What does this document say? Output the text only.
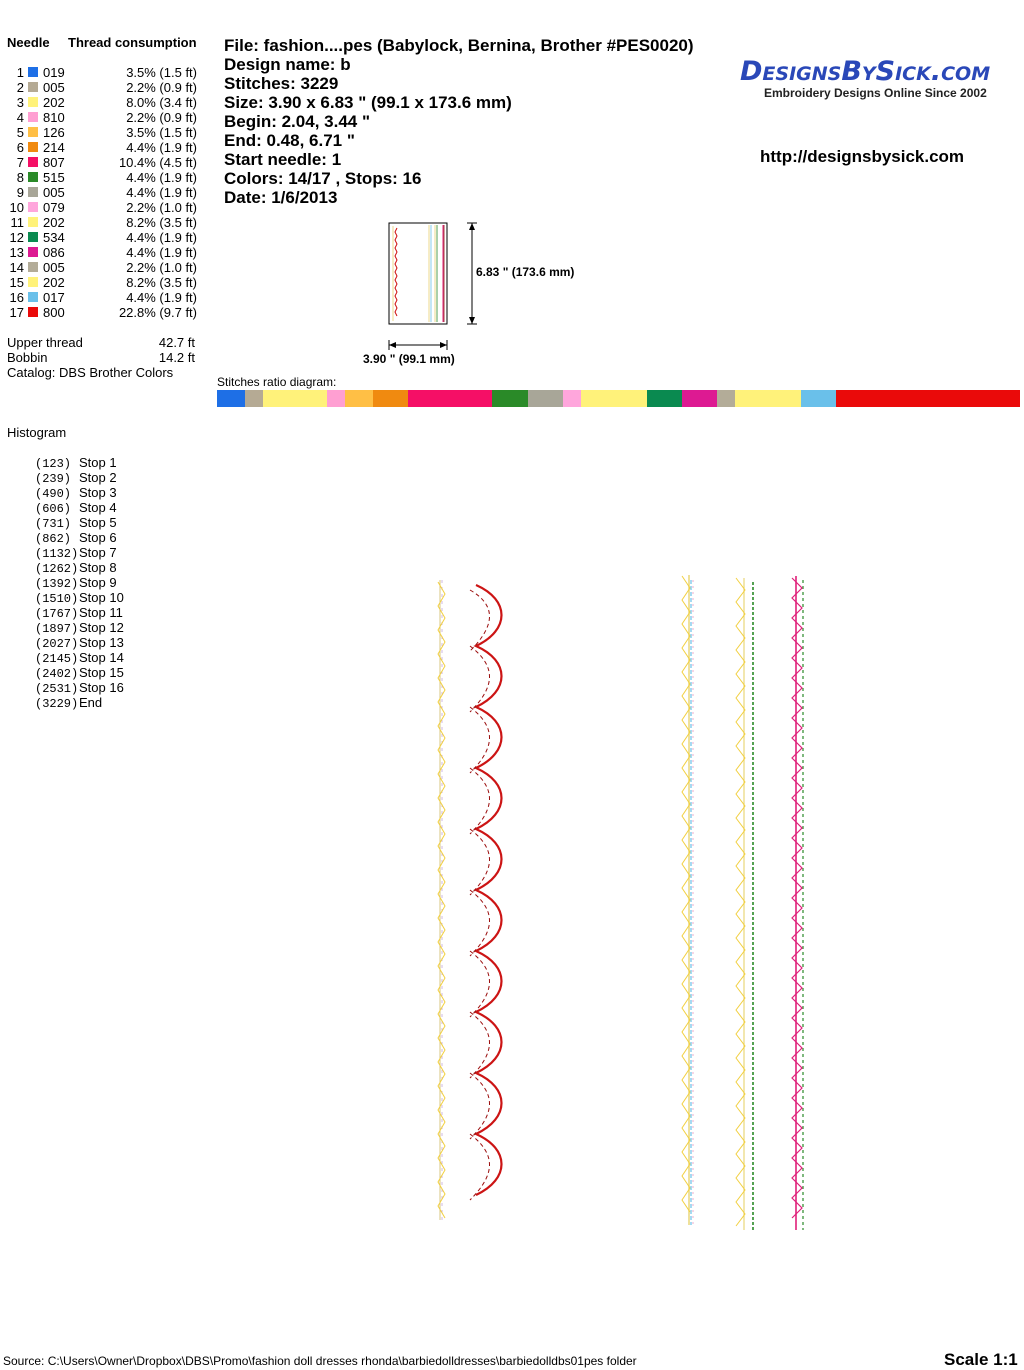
Needle Thread consumption
1 019	3.5% (1.5 ft)
2 005	2.2% (0.9 ft)
3 202	8.0% (3.4 ft)
4 810	2.2% (0.9 ft)
5 126	3.5% (1.5 ft)
6 214	4.4% (1.9 ft)
7 807	10.4% (4.5 ft)
8 515	4.4% (1.9 ft)
9 005	4.4% (1.9 ft)
10 079	2.2% (1.0 ft)
11 202	8.2% (3.5 ft)
12 534	4.4% (1.9 ft)
13 086	4.4% (1.9 ft)
14 005	2.2% (1.0 ft)
15 202	8.2% (3.5 ft)
16 017	4.4% (1.9 ft)
17 800	22.8% (9.7 ft)
Upper thread	42.7 ft
Bobbin	14.2 ft
Catalog: DBS Brother Colors
File: fashion....pes (Babylock, Bernina, Brother #PES0020)
Design name: b
Stitches: 3229
Size: 3.90 x 6.83 " (99.1 x 173.6 mm)
Begin: 2.04, 3.44 "
End: 0.48, 6.71 "
Start needle: 1
Colors: 14/17 , Stops: 16
Date: 1/6/2013
DesignsBySick.com
Embroidery Designs Online Since 2002
http://designsbysick.com
6.83 " (173.6 mm)
3.90 " (99.1 mm)
Stitches ratio diagram:
Histogram
(123) Stop 1
(239) Stop 2
(490) Stop 3
(606) Stop 4
(731) Stop 5
(862) Stop 6
(1132)Stop 7
(1262)Stop 8
(1392)Stop 9
(1510)Stop 10
(1767)Stop 11
(1897)Stop 12
(2027)Stop 13
(2145)Stop 14
(2402)Stop 15
(2531)Stop 16
(3229)End
Source: C:\Users\Owner\Dropbox\DBS\Promo\fashion doll dresses rhonda\barbiedolldresses\barbiedolldbs01pes folder	Scale 1:1
